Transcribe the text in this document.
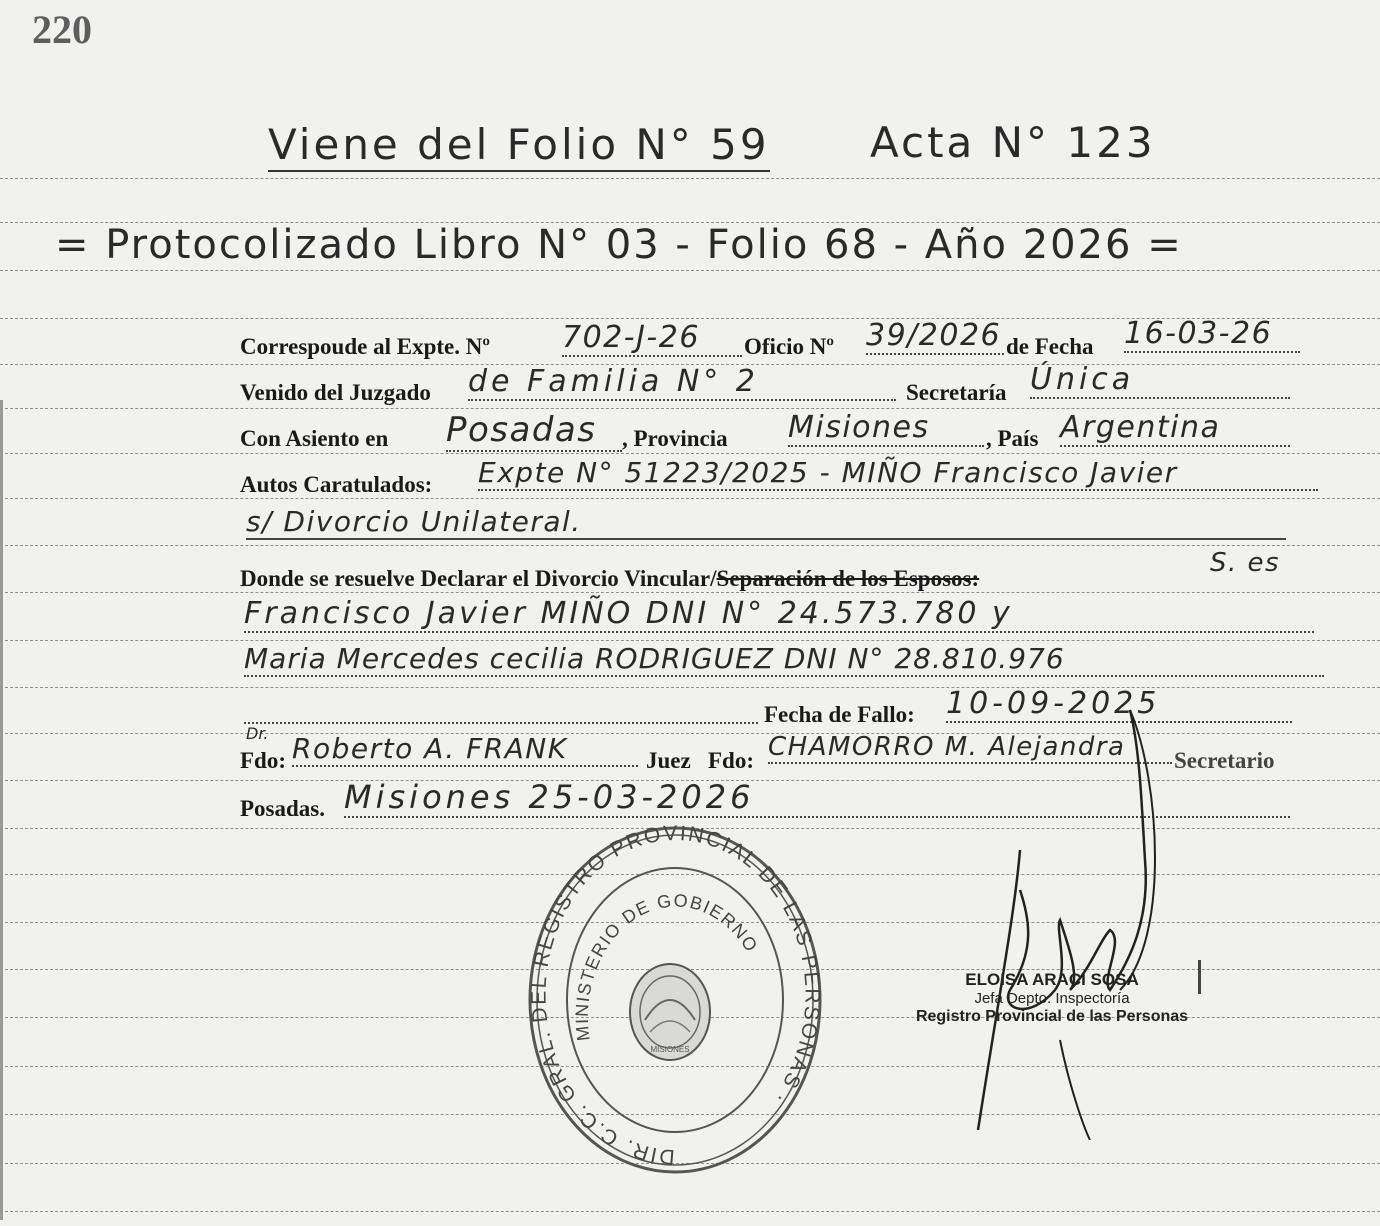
220
Viene del Folio N° 59 Acta N° 123
= Protocolizado Libro N° 03 - Folio 68 - Año 2026 =
Correspoude al Expte. Nº 702-J-26	Oficio Nº 39/2026 de Fecha 16-03-26
Venido del Juzgado de Familia N° 2	Secretaría Única
Con Asiento en Posadas	, Provincia Misiones	, País Argentina
Autos Caratulados: Expte N° 51223/2025 - MIÑO Francisco Javier
s/ Divorcio Unilateral.
Donde se resuelve Declarar el Divorcio Vincular/Separación de los Esposos:
S. es
Francisco Javier MIÑO DNI N° 24.573.780 y
Maria Mercedes cecilia RODRIGUEZ DNI N° 28.810.976
Fecha de Fallo: 10-09-2025
Dr.
Fdo: Roberto A. FRANK	Juez Fdo: CHAMORRO M. Alejandra	Secretario
Posadas. Misiones 25-03-2026
DIR. C.C. GRAL. DEL REGISTRO PROVINCIAL DE LAS PERSONAS ·
MINISTERIO DE GOBIERNO
MISIONES
ELOISA ARACI SOSA
Jefa Depto. Inspectoría
Registro Provincial de las Personas
